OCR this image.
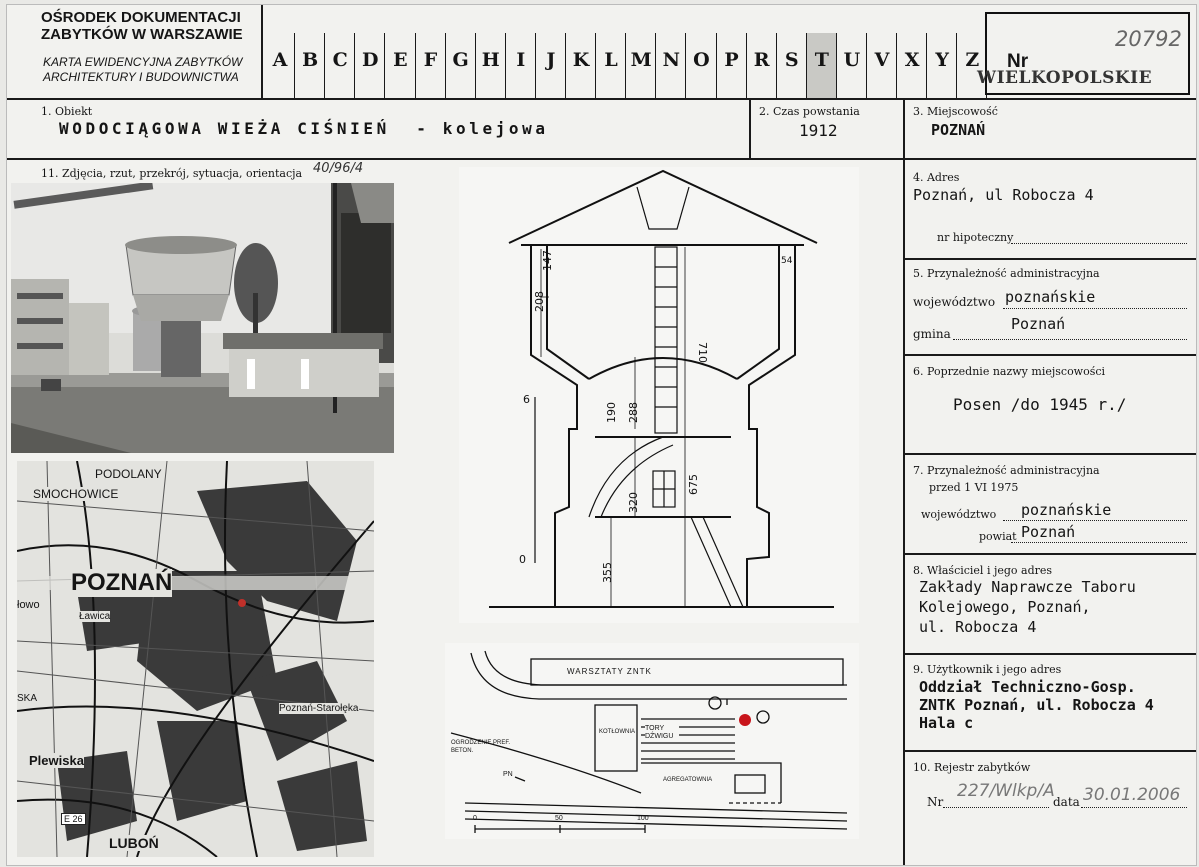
OŚRODEK DOKUMENTACJI
ZABYTKÓW W WARSZAWIE
KARTA EWIDENCYJNA ZABYTKÓW
ARCHITEKTURY I BUDOWNICTWA
A B C D E F G H I	J K L M N O P R S T U V X Y Z	Nr
20792
WIELKOPOLSKIE
1. Obiekt
WODOCIĄGOWA WIEŻA CIŚNIEŃ  - kolejowa
2. Czas powstania
1912
3. Miejscowość
POZNAŃ
11. Zdjęcia, rzut, przekrój, sytuacja, orientacja 40/96/4
PODOLANY
SMOCHOWICE
POZNAŃ
Ławica
Plewiska
LUBOŃ
Poznań-Starołęka
E 26
łowo
SKA
710
208
147	54
190 288
320
675
355
6
0
WARSZTATY ZNTK
KOTŁOWNIA TORY DŹWIGU
OGRODZENIE PREF. BETON.
AGREGATOWNIA
PN
0	50	100
4. Adres
Poznań, ul Robocza 4
nr hipoteczny
5. Przynależność administracyjna
województwo poznańskie
gmina
Poznań
6. Poprzednie nazwy miejscowości
Posen /do 1945 r./
7. Przynależność administracyjna
przed 1 VI 1975
województwo poznańskie
powiat Poznań
8. Właściciel i jego adres
Zakłady Naprawcze Taboru
Kolejowego, Poznań,
ul. Robocza 4
9. Użytkownik i jego adres
Oddział Techniczno-Gosp.
ZNTK Poznań, ul. Robocza 4
Hala c
10. Rejestr zabytków
Nr
227/Wlkp/A
data 30.01.2006
